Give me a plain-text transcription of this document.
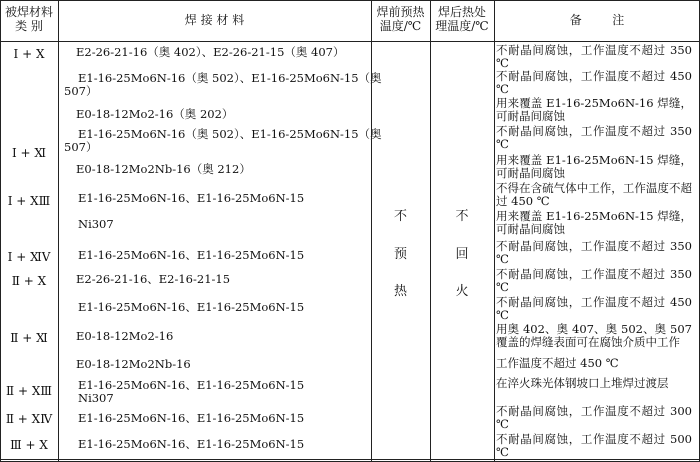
被焊材料
类 别	焊 接 材 料
焊前预热
温度/℃
焊后热处
理温度/℃	备        注
不
预
热
不
回
火
Ⅰ + Ⅹ
Ⅰ + Ⅺ
Ⅰ + ⅩⅢ
Ⅰ + ⅪⅤ
Ⅱ + Ⅹ
Ⅱ + Ⅺ
Ⅱ + ⅩⅢ
Ⅱ + ⅩⅣ
Ⅲ + Ⅹ
E2-26-21-16（奥 402）、E2-26-21-15（奥 407）
E1-16-25Mo6N-16（奥 502）、E1-16-25Mo6N-15（奥
507）
E0-18-12Mo2-16（奥 202）
E1-16-25Mo6N-16（奥 502）、E1-16-25Mo6N-15（奥
507）
E0-18-12Mo2Nb-16（奥 212）
E1-16-25Mo6N-16、E1-16-25Mo6N-15
Ni307
E1-16-25Mo6N-16、E1-16-25Mo6N-15
E2-26-21-16、E2-16-21-15
E1-16-25Mo6N-16、E1-16-25Mo6N-15
E0-18-12Mo2-16
E0-18-12Mo2Nb-16
E1-16-25Mo6N-16、E1-16-25Mo6N-15
Ni307
E1-16-25Mo6N-16、E1-16-25Mo6N-15
E1-16-25Mo6N-16、E1-16-25Mo6N-15
不耐晶间腐蚀，工作温度不超过 350 ℃
不耐晶间腐蚀，工作温度不超过 450 ℃
用来覆盖 E1-16-25Mo6N-16 焊缝，可耐晶间腐蚀
不耐晶间腐蚀，工作温度不超过 350 ℃
用来覆盖 E1-16-25Mo6N-15 焊缝，可耐晶间腐蚀
不得在含硫气体中工作，工作温度不超过 450 ℃
用来覆盖 E1-16-25Mo6N-15 焊缝，可耐晶间腐蚀
不耐晶间腐蚀，工作温度不超过 350 ℃
不耐晶间腐蚀，工作温度不超过 350 ℃
不耐晶间腐蚀，工作温度不超过 450 ℃
用奥 402、奥 407、奥 502、奥 507 覆盖的焊缝表面可在腐蚀介质中工作
工作温度不超过 450 ℃
在淬火珠光体钢坡口上堆焊过渡层
不耐晶间腐蚀，工作温度不超过 300 ℃
不耐晶间腐蚀，工作温度不超过 500 ℃
